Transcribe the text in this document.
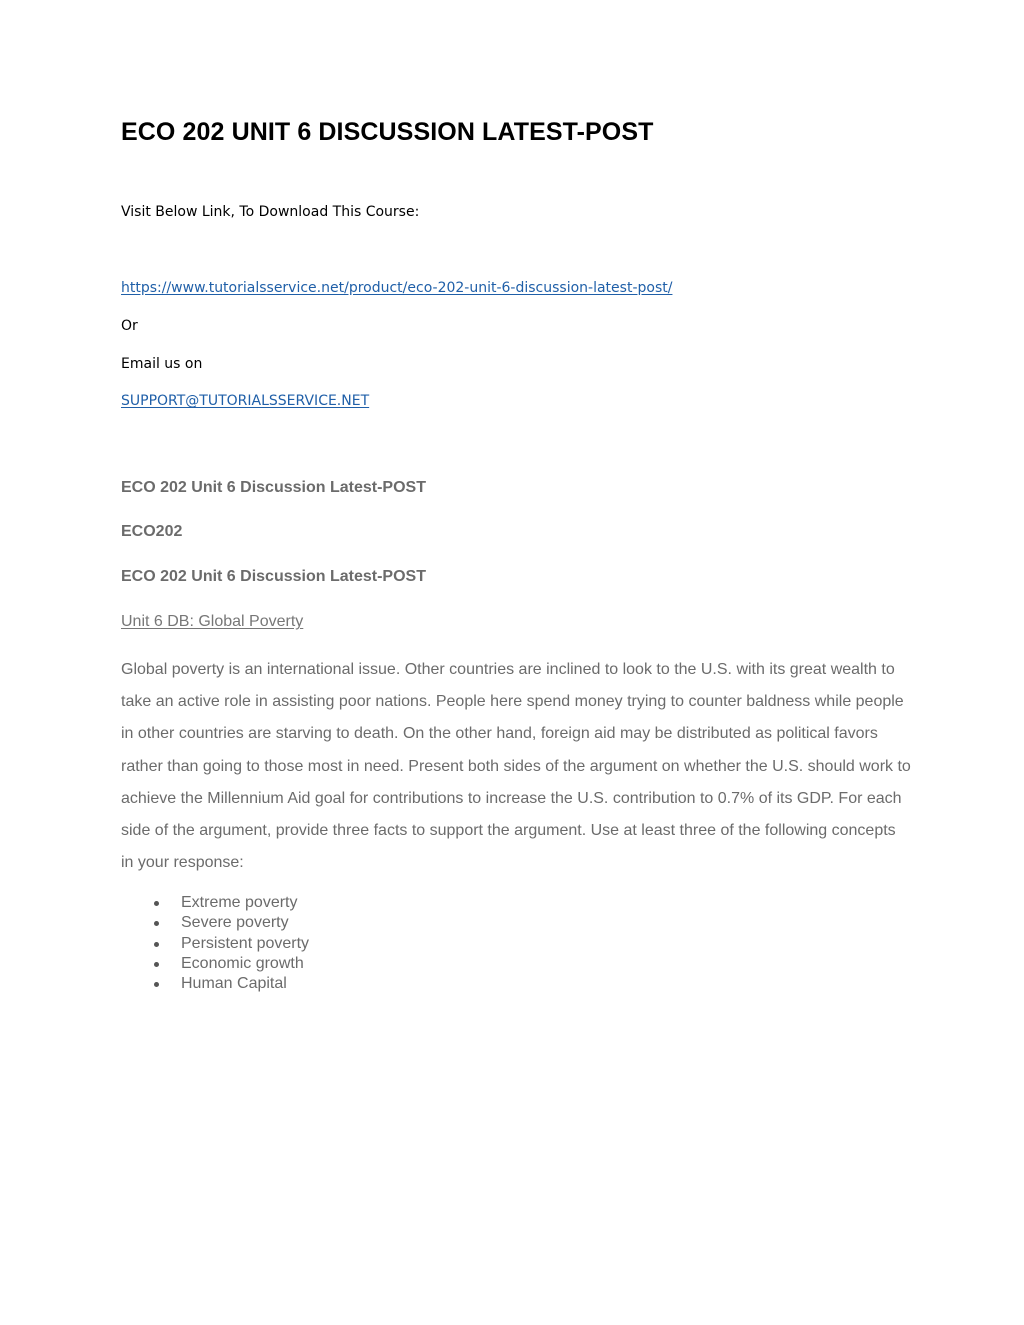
ECO 202 UNIT 6 DISCUSSION LATEST-POST
Visit Below Link, To Download This Course:
https://www.tutorialsservice.net/product/eco-202-unit-6-discussion-latest-post/
Or
Email us on
SUPPORT@TUTORIALSSERVICE.NET
ECO 202 Unit 6 Discussion Latest-POST
ECO202
ECO 202 Unit 6 Discussion Latest-POST
Unit 6 DB: Global Poverty

Global poverty is an international issue. Other countries are inclined to look to the U.S. with its great wealth to take an active role in assisting poor nations. People here spend money trying to counter baldness while people in other countries are starving to death. On the other hand, foreign aid may be distributed as political favors rather than going to those most in need. Present both sides of the argument on whether the U.S. should work to achieve the Millennium Aid goal for contributions to increase the U.S. contribution to 0.7% of its GDP. For each side of the argument, provide three facts to support the argument. Use at least three of the following concepts in your response:

Extreme poverty
Severe poverty
Persistent poverty
Economic growth
Human Capital
